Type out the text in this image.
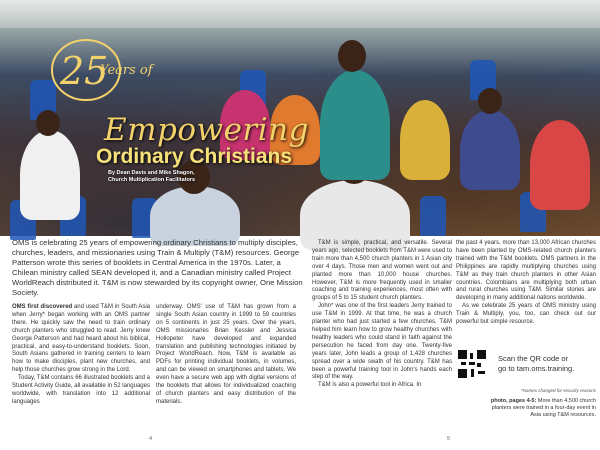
25
Years of
Empowering
Ordinary Christians
By Dean Davis and Mike Shagon,
Church Multiplication Facilitators
OMS is celebrating 25 years of empowering ordinary Christians to multiply disciples, churches, leaders, and missionaries using Train & Multiply (T&M) resources. George Patterson wrote this series of booklets in Central America in the 1970s. Later, a Chilean ministry called SEAN developed it, and a Canadian ministry called Project WorldReach distributed it. T&M is now stewarded by its copyright owner, One Mission Society.

OMS first discovered and used T&M in South Asia when Jerry* began working with an OMS partner there. He quickly saw the need to train ordinary church planters who struggled to read. Jerry knew George Patterson and had heard about his biblical, practical, and easy-to-understand booklets. Soon, South Asians gathered in training centers to learn how to make disciples, plant new churches, and help those churches grow strong in the Lord.

Today, T&M contains 66 illustrated booklets and a Student Activity Guide, all available in 52 languages worldwide, with translation into 12 additional languages

underway. OMS' use of T&M has grown from a single South Asian country in 1999 to 59 countries on 5 continents in just 25 years. Over the years, OMS missionaries Brian Kessler and Jessica Hollopeter have developed and expanded translation and publishing technologies initiated by Project WorldReach. Now, T&M is available as PDFs for printing individual booklets, in volumes, and can be viewed on smartphones and tablets. We even have a secure web app with digital versions of the booklets that allows for individualized coaching of church planters and easy distribution of the materials.

T&M is simple, practical, and versatile. Several years ago, selected booklets from T&M were used to train more than 4,500 church planters in 1 Asian city over 4 days. Those men and women went out and planted more than 10,000 house churches. However, T&M is more frequently used in smaller coaching and training experiences, most often with groups of 5 to 15 student church planters.

John* was one of the first leaders Jerry trained to use T&M in 1999. At that time, he was a church planter who had just started a few churches. T&M helped him learn how to grow healthy churches with healthy leaders who could stand in faith against the persecution he faced from day one. Twenty-five years later, John leads a group of 1,428 churches spread over a wide swath of his country. T&M has been a powerful training tool in John's hands each step of the way.

T&M is also a powerful tool in Africa. In

the past 4 years, more than 13,000 African churches have been planted by OMS-related church planters trained with the T&M booklets. OMS partners in the Philippines are rapidly multiplying churches using T&M as they train church planters in other Asian countries. Colombians are multiplying both urban and rural churches using T&M. Similar stories are developing in many additional nations worldwide.

As we celebrate 25 years of OMS ministry using Train & Multiply, you, too, can check out our powerful but simple resource.

Scan the QR code or
go to tam.oms.training.
*Names changed for security reasons
photo, pages 4-5: More than 4,500 church planters were trained in a four-day event in Asia using T&M resources.
4	5
